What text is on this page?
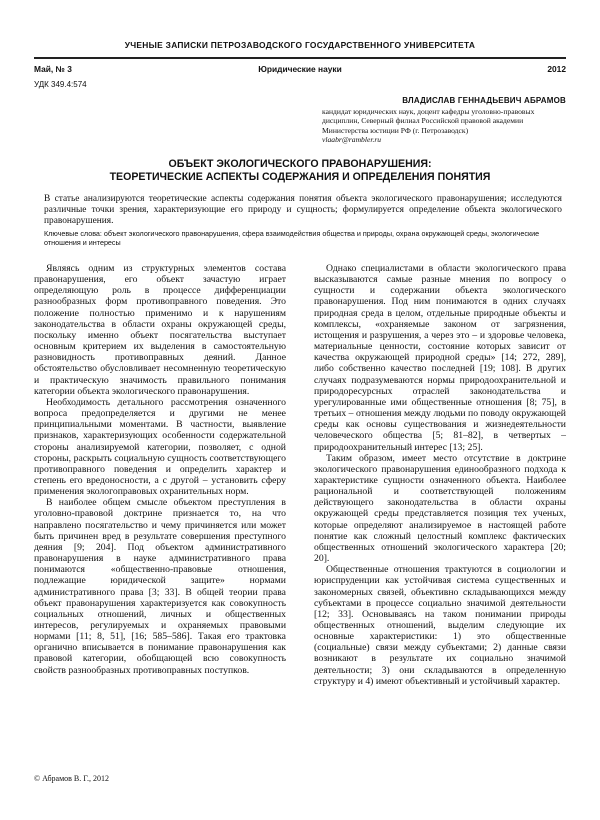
УЧЕНЫЕ ЗАПИСКИ ПЕТРОЗАВОДСКОГО ГОСУДАРСТВЕННОГО УНИВЕРСИТЕТА
Юридические науки
Май, № 3	2012
УДК 349.4:574
ВЛАДИСЛАВ ГЕННАДЬЕВИЧ АБРАМОВ
кандидат юридических наук, доцент кафедры уголовно-правовых дисциплин, Северный филиал Российской правовой академии Министерства юстиции РФ (г. Петрозаводск)
vlaabr@rambler.ru
ОБЪЕКТ ЭКОЛОГИЧЕСКОГО ПРАВОНАРУШЕНИЯ:
ТЕОРЕТИЧЕСКИЕ АСПЕКТЫ СОДЕРЖАНИЯ И ОПРЕДЕЛЕНИЯ ПОНЯТИЯ
В статье анализируются теоретические аспекты содержания понятия объекта экологического правонарушения; исследуются различные точки зрения, характеризующие его природу и сущность; формулируется определение объекта экологического правонарушения.
Ключевые слова: объект экологического правонарушения, сфера взаимодействия общества и природы, охрана окружающей среды, экологические отношения и интересы

Являясь одним из структурных элементов состава правонарушения, его объект зачастую играет определяющую роль в процессе дифференциации разнообразных форм противоправного поведения. Это положение полностью применимо и к нарушениям законодательства в области охраны окружающей среды, поскольку именно объект посягательства выступает основным критерием их выделения в самостоятельную разновидность противоправных деяний. Данное обстоятельство обусловливает несомненную теоретическую и практическую значимость правильного понимания категории объекта экологического правонарушения.

Необходимость детального рассмотрения означенного вопроса предопределяется и другими не менее принципиальными моментами. В частности, выявление признаков, характеризующих особенности содержательной стороны анализируемой категории, позволяет, с одной стороны, раскрыть социальную сущность соответствующего противоправного поведения и определить характер и степень его вредоносности, а с другой – установить сферу применения экологоправовых охранительных норм.

В наиболее общем смысле объектом преступления в уголовно-правовой доктрине признается то, на что направлено посягательство и чему причиняется или может быть причинен вред в результате совершения преступного деяния [9; 204]. Под объектом административного правонарушения в науке административного права понимаются «общественно-правовые отношения, подлежащие юридической защите» нормами административного права [3; 33]. В общей теории права объект правонарушения характеризуется как совокупность социальных отношений, личных и общественных интересов, регулируемых и охраняемых правовыми нормами [11; 8, 51], [16; 585–586]. Такая его трактовка органично вписывается в понимание правонарушения как правовой категории, обобщающей всю совокупность свойств разнообразных противоправных поступков.

Однако специалистами в области экологического права высказываются самые разные мнения по вопросу о сущности и содержании объекта экологического правонарушения. Под ним понимаются в одних случаях природная среда в целом, отдельные природные объекты и комплексы, «охраняемые законом от загрязнения, истощения и разрушения, а через это – и здоровье человека, материальные ценности, состояние которых зависит от качества окружающей природной среды» [14; 272, 289], либо собственно качество последней [19; 108]. В других случаях подразумеваются нормы природоохранительной и природоресурсных отраслей законодательства и урегулированные ими общественные отношения [8; 75], в третьих – отношения между людьми по поводу окружающей среды как основы существования и жизнедеятельности человеческого общества [5; 81–82], в четвертых – природоохранительный интерес [13; 25].

Таким образом, имеет место отсутствие в доктрине экологического правонарушения единообразного подхода к характеристике сущности означенного объекта. Наиболее рациональной и соответствующей положениям действующего законодательства в области охраны окружающей среды представляется позиция тех ученых, которые определяют анализируемое в настоящей работе понятие как сложный целостный комплекс фактических общественных отношений экологического характера [20; 20].

Общественные отношения трактуются в социологии и юриспруденции как устойчивая система существенных и закономерных связей, объективно складывающихся между субъектами в процессе социально значимой деятельности [12; 33]. Основываясь на таком понимании природы общественных отношений, выделим следующие их основные характеристики: 1) это общественные (социальные) связи между субъектами; 2) данные связи возникают в результате их социально значимой деятельности; 3) они складываются в определенную структуру и 4) имеют объективный и устойчивый характер.

© Абрамов В. Г., 2012
